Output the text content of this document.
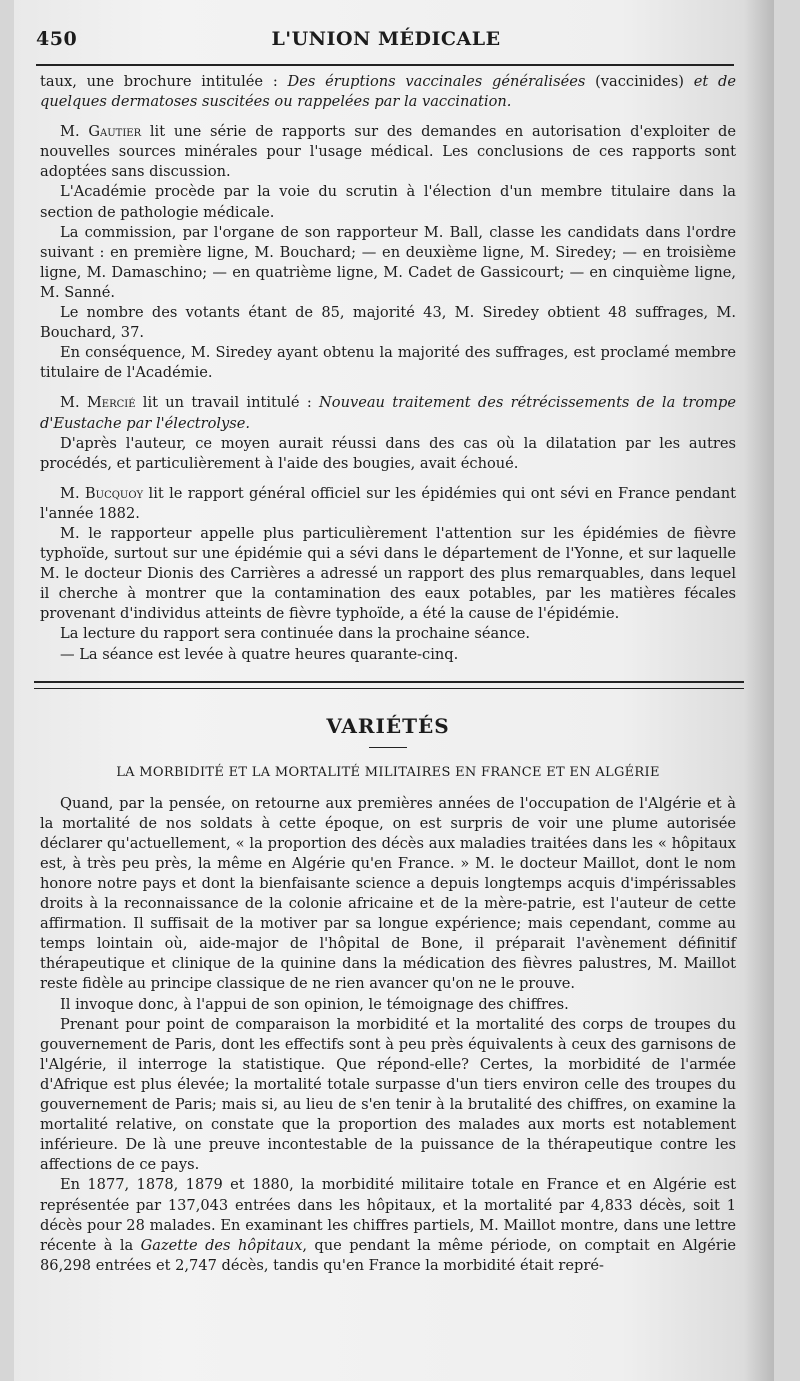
450	L'UNION MÉDICALE

taux, une brochure intitulée : Des éruptions vaccinales généralisées (vaccinides) et de quelques dermatoses suscitées ou rappelées par la vaccination.

M. Gautier lit une série de rapports sur des demandes en autorisation d'exploiter de nouvelles sources minérales pour l'usage médical. Les conclusions de ces rapports sont adoptées sans discussion.

L'Académie procède par la voie du scrutin à l'élection d'un membre titulaire dans la section de pathologie médicale.

La commission, par l'organe de son rapporteur M. Ball, classe les candidats dans l'ordre suivant : en première ligne, M. Bouchard; — en deuxième ligne, M. Siredey; — en troisième ligne, M. Damaschino; — en quatrième ligne, M. Cadet de Gassicourt; — en cinquième ligne, M. Sanné.

Le nombre des votants étant de 85, majorité 43, M. Siredey obtient 48 suffrages, M. Bouchard, 37.

En conséquence, M. Siredey ayant obtenu la majorité des suffrages, est proclamé membre titulaire de l'Académie.

M. Mercié lit un travail intitulé : Nouveau traitement des rétrécissements de la trompe d'Eustache par l'électrolyse.

D'après l'auteur, ce moyen aurait réussi dans des cas où la dilatation par les autres procédés, et particulièrement à l'aide des bougies, avait échoué.

M. Bucquoy lit le rapport général officiel sur les épidémies qui ont sévi en France pendant l'année 1882.

M. le rapporteur appelle plus particulièrement l'attention sur les épidémies de fièvre typhoïde, surtout sur une épidémie qui a sévi dans le département de l'Yonne, et sur laquelle M. le docteur Dionis des Carrières a adressé un rapport des plus remarquables, dans lequel il cherche à montrer que la contamination des eaux potables, par les matières fécales provenant d'individus atteints de fièvre typhoïde, a été la cause de l'épidémie.

La lecture du rapport sera continuée dans la prochaine séance.

— La séance est levée à quatre heures quarante-cinq.

VARIÉTÉS
LA MORBIDITÉ ET LA MORTALITÉ MILITAIRES EN FRANCE ET EN ALGÉRIE

Quand, par la pensée, on retourne aux premières années de l'occupation de l'Algérie et à la mortalité de nos soldats à cette époque, on est surpris de voir une plume autorisée déclarer qu'actuellement, « la proportion des décès aux maladies traitées dans les « hôpitaux est, à très peu près, la même en Algérie qu'en France. » M. le docteur Maillot, dont le nom honore notre pays et dont la bienfaisante science a depuis longtemps acquis d'impérissables droits à la reconnaissance de la colonie africaine et de la mère-patrie, est l'auteur de cette affirmation. Il suffisait de la motiver par sa longue expérience; mais cependant, comme au temps lointain où, aide-major de l'hôpital de Bone, il préparait l'avènement définitif thérapeutique et clinique de la quinine dans la médication des fièvres palustres, M. Maillot reste fidèle au principe classique de ne rien avancer qu'on ne le prouve.

Il invoque donc, à l'appui de son opinion, le témoignage des chiffres.

Prenant pour point de comparaison la morbidité et la mortalité des corps de troupes du gouvernement de Paris, dont les effectifs sont à peu près équivalents à ceux des garnisons de l'Algérie, il interroge la statistique. Que répond-elle? Certes, la morbidité de l'armée d'Afrique est plus élevée; la mortalité totale surpasse d'un tiers environ celle des troupes du gouvernement de Paris; mais si, au lieu de s'en tenir à la brutalité des chiffres, on examine la mortalité relative, on constate que la proportion des malades aux morts est notablement inférieure. De là une preuve incontestable de la puissance de la thérapeutique contre les affections de ce pays.

En 1877, 1878, 1879 et 1880, la morbidité militaire totale en France et en Algérie est représentée par 137,043 entrées dans les hôpitaux, et la mortalité par 4,833 décès, soit 1 décès pour 28 malades. En examinant les chiffres partiels, M. Maillot montre, dans une lettre récente à la Gazette des hôpitaux, que pendant la même période, on comptait en Algérie 86,298 entrées et 2,747 décès, tandis qu'en France la morbidité était repré-
